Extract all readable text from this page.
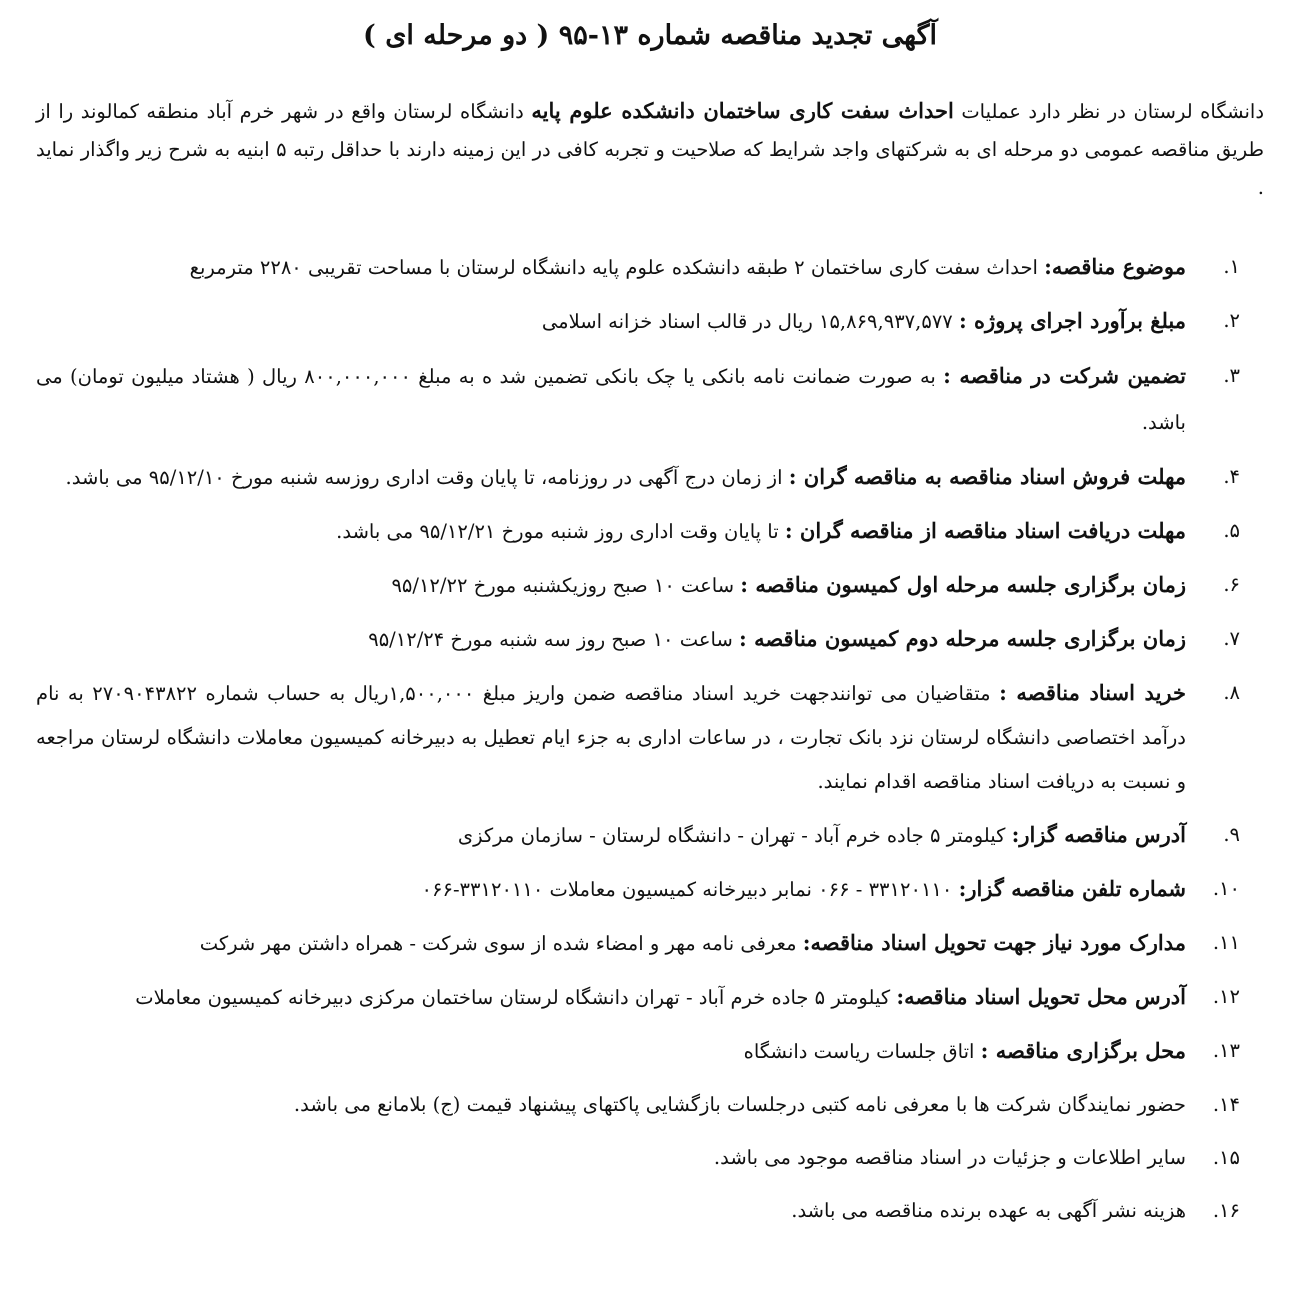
آگهی تجدید مناقصه شماره ۱۳-۹۵ ( دو مرحله ای )

دانشگاه لرستان در نظر دارد عملیات احداث سفت کاری ساختمان دانشکده علوم پایه دانشگاه لرستان واقع در شهر خرم آباد منطقه کمالوند را از طریق مناقصه عمومی دو مرحله ای به شرکتهای واجد شرایط که صلاحیت و تجربه کافی در این زمینه دارند با حداقل رتبه ۵ ابنیه به شرح زیر واگذار نماید .

۱.
موضوع مناقصه: احداث سفت کاری ساختمان ۲ طبقه دانشکده علوم پایه دانشگاه لرستان با مساحت تقریبی ۲۲۸۰ مترمربع
۲.
مبلغ برآورد اجرای پروژه : ۱۵,۸۶۹,۹۳۷,۵۷۷ ریال در قالب اسناد خزانه اسلامی
۳.
تضمین شرکت در مناقصه : به صورت ضمانت نامه بانکی یا چک بانکی تضمین شد ه به مبلغ ۸۰۰,۰۰۰,۰۰۰ ریال ( هشتاد میلیون تومان) می باشد.
۴.
مهلت فروش اسناد مناقصه به مناقصه گران : از زمان درج آگهی در روزنامه، تا پایان وقت اداری روزسه شنبه مورخ ۹۵/۱۲/۱۰ می باشد.
۵.
مهلت دریافت اسناد مناقصه از مناقصه گران : تا پایان وقت اداری روز شنبه مورخ ۹۵/۱۲/۲۱ می باشد.
۶.
زمان برگزاری جلسه مرحله اول کمیسون مناقصه : ساعت ۱۰ صبح روزیکشنبه مورخ ۹۵/۱۲/۲۲
۷.
زمان برگزاری جلسه مرحله دوم کمیسون مناقصه : ساعت ۱۰ صبح روز سه شنبه مورخ ۹۵/۱۲/۲۴
۸.
خرید اسناد مناقصه : متقاضیان می توانندجهت خرید اسناد مناقصه ضمن واریز مبلغ ۱,۵۰۰,۰۰۰ریال به حساب شماره ۲۷۰۹۰۴۳۸۲۲ به نام درآمد اختصاصی دانشگاه لرستان نزد بانک تجارت ، در ساعات اداری به جزء ایام تعطیل به دبیرخانه کمیسیون معاملات دانشگاه لرستان مراجعه و نسبت به دریافت اسناد مناقصه اقدام نمایند.
۹.
آدرس مناقصه گزار: کیلومتر ۵ جاده خرم آباد - تهران - دانشگاه لرستان - سازمان مرکزی
۱۰.
شماره تلفن مناقصه گزار: ۳۳۱۲۰۱۱۰ - ۰۶۶ نمابر دبیرخانه کمیسیون معاملات ۳۳۱۲۰۱۱۰-۰۶۶
۱۱.
مدارک مورد نیاز جهت تحویل اسناد مناقصه: معرفی نامه مهر و امضاء شده از سوی شرکت - همراه داشتن مهر شرکت
۱۲.
آدرس محل تحویل اسناد مناقصه: کیلومتر ۵ جاده خرم آباد - تهران دانشگاه لرستان ساختمان مرکزی دبیرخانه کمیسیون معاملات
۱۳.
محل برگزاری مناقصه : اتاق جلسات ریاست دانشگاه
۱۴.
حضور نمایندگان شرکت ها با معرفی نامه کتبی درجلسات بازگشایی پاکتهای پیشنهاد قیمت (ج) بلامانع می باشد.
۱۵.
سایر اطلاعات و جزئیات در اسناد مناقصه موجود می باشد.
۱۶.
هزینه نشر آگهی به عهده برنده مناقصه می باشد.
